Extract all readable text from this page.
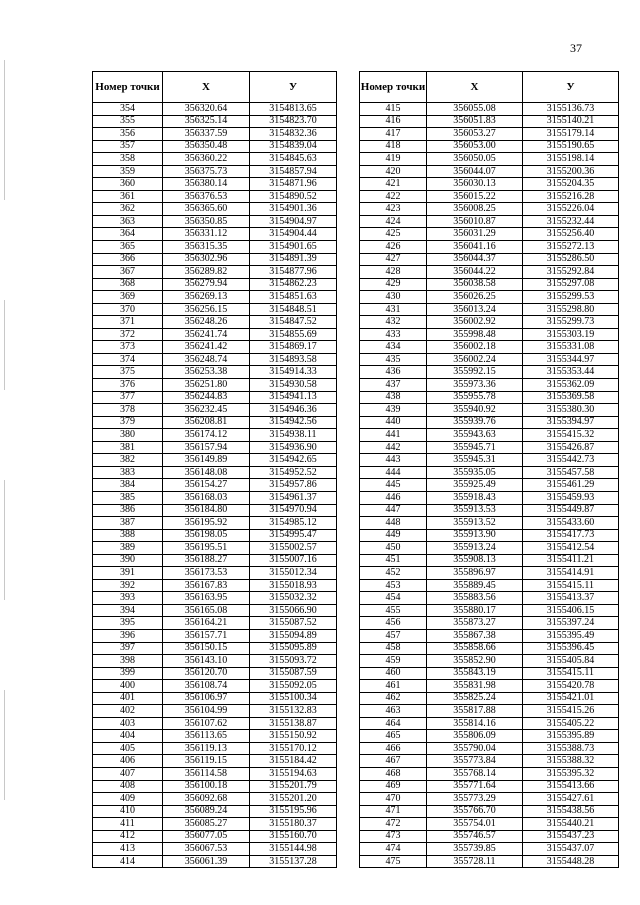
37
Номер точки	X	У
354	356320.64	3154813.65
355	356325.14	3154823.70
356	356337.59	3154832.36
357	356350.48	3154839.04
358	356360.22	3154845.63
359	356375.73	3154857.94
360	356380.14	3154871.96
361	356376.53	3154890.52
362	356365.60	3154901.36
363	356350.85	3154904.97
364	356331.12	3154904.44
365	356315.35	3154901.65
366	356302.96	3154891.39
367	356289.82	3154877.96
368	356279.94	3154862.23
369	356269.13	3154851.63
370	356256.15	3154848.51
371	356248.26	3154847.52
372	356241.74	3154855.69
373	356241.42	3154869.17
374	356248.74	3154893.58
375	356253.38	3154914.33
376	356251.80	3154930.58
377	356244.83	3154941.13
378	356232.45	3154946.36
379	356208.81	3154942.56
380	356174.12	3154938.11
381	356157.94	3154936.90
382	356149.89	3154942.65
383	356148.08	3154952.52
384	356154.27	3154957.86
385	356168.03	3154961.37
386	356184.80	3154970.94
387	356195.92	3154985.12
388	356198.05	3154995.47
389	356195.51	3155002.57
390	356188.27	3155007.16
391	356173.53	3155012.34
392	356167.83	3155018.93
393	356163.95	3155032.32
394	356165.08	3155066.90
395	356164.21	3155087.52
396	356157.71	3155094.89
397	356150.15	3155095.89
398	356143.10	3155093.72
399	356120.70	3155087.59
400	356108.74	3155092.05
401	356106.97	3155100.34
402	356104.99	3155132.83
403	356107.62	3155138.87
404	356113.65	3155150.92
405	356119.13	3155170.12
406	356119.15	3155184.42
407	356114.58	3155194.63
408	356100.18	3155201.79
409	356092.68	3155201.20
410	356089.24	3155195.96
411	356085.27	3155180.37
412	356077.05	3155160.70
413	356067.53	3155144.98
414	356061.39	3155137.28
Номер точки	X	У
415	356055.08	3155136.73
416	356051.83	3155140.21
417	356053.27	3155179.14
418	356053.00	3155190.65
419	356050.05	3155198.14
420	356044.07	3155200.36
421	356030.13	3155204.35
422	356015.22	3155216.28
423	356008.25	3155226.04
424	356010.87	3155232.44
425	356031.29	3155256.40
426	356041.16	3155272.13
427	356044.37	3155286.50
428	356044.22	3155292.84
429	356038.58	3155297.08
430	356026.25	3155299.53
431	356013.24	3155298.80
432	356002.92	3155299.73
433	355998.48	3155303.19
434	356002.18	3155331.08
435	356002.24	3155344.97
436	355992.15	3155353.44
437	355973.36	3155362.09
438	355955.78	3155369.58
439	355940.92	3155380.30
440	355939.76	3155394.97
441	355943.63	3155415.32
442	355945.71	3155426.87
443	355945.31	3155442.73
444	355935.05	3155457.58
445	355925.49	3155461.29
446	355918.43	3155459.93
447	355913.53	3155449.87
448	355913.52	3155433.60
449	355913.90	3155417.73
450	355913.24	3155412.54
451	355908.13	3155411.21
452	355896.97	3155414.91
453	355889.45	3155415.11
454	355883.56	3155413.37
455	355880.17	3155406.15
456	355873.27	3155397.24
457	355867.38	3155395.49
458	355858.66	3155396.45
459	355852.90	3155405.84
460	355843.19	3155415.11
461	355831.98	3155420.78
462	355825.24	3155421.01
463	355817.88	3155415.26
464	355814.16	3155405.22
465	355806.09	3155395.89
466	355790.04	3155388.73
467	355773.84	3155388.32
468	355768.14	3155395.32
469	355771.64	3155413.66
470	355773.29	3155427.61
471	355766.70	3155438.56
472	355754.01	3155440.21
473	355746.57	3155437.23
474	355739.85	3155437.07
475	355728.11	3155448.28
